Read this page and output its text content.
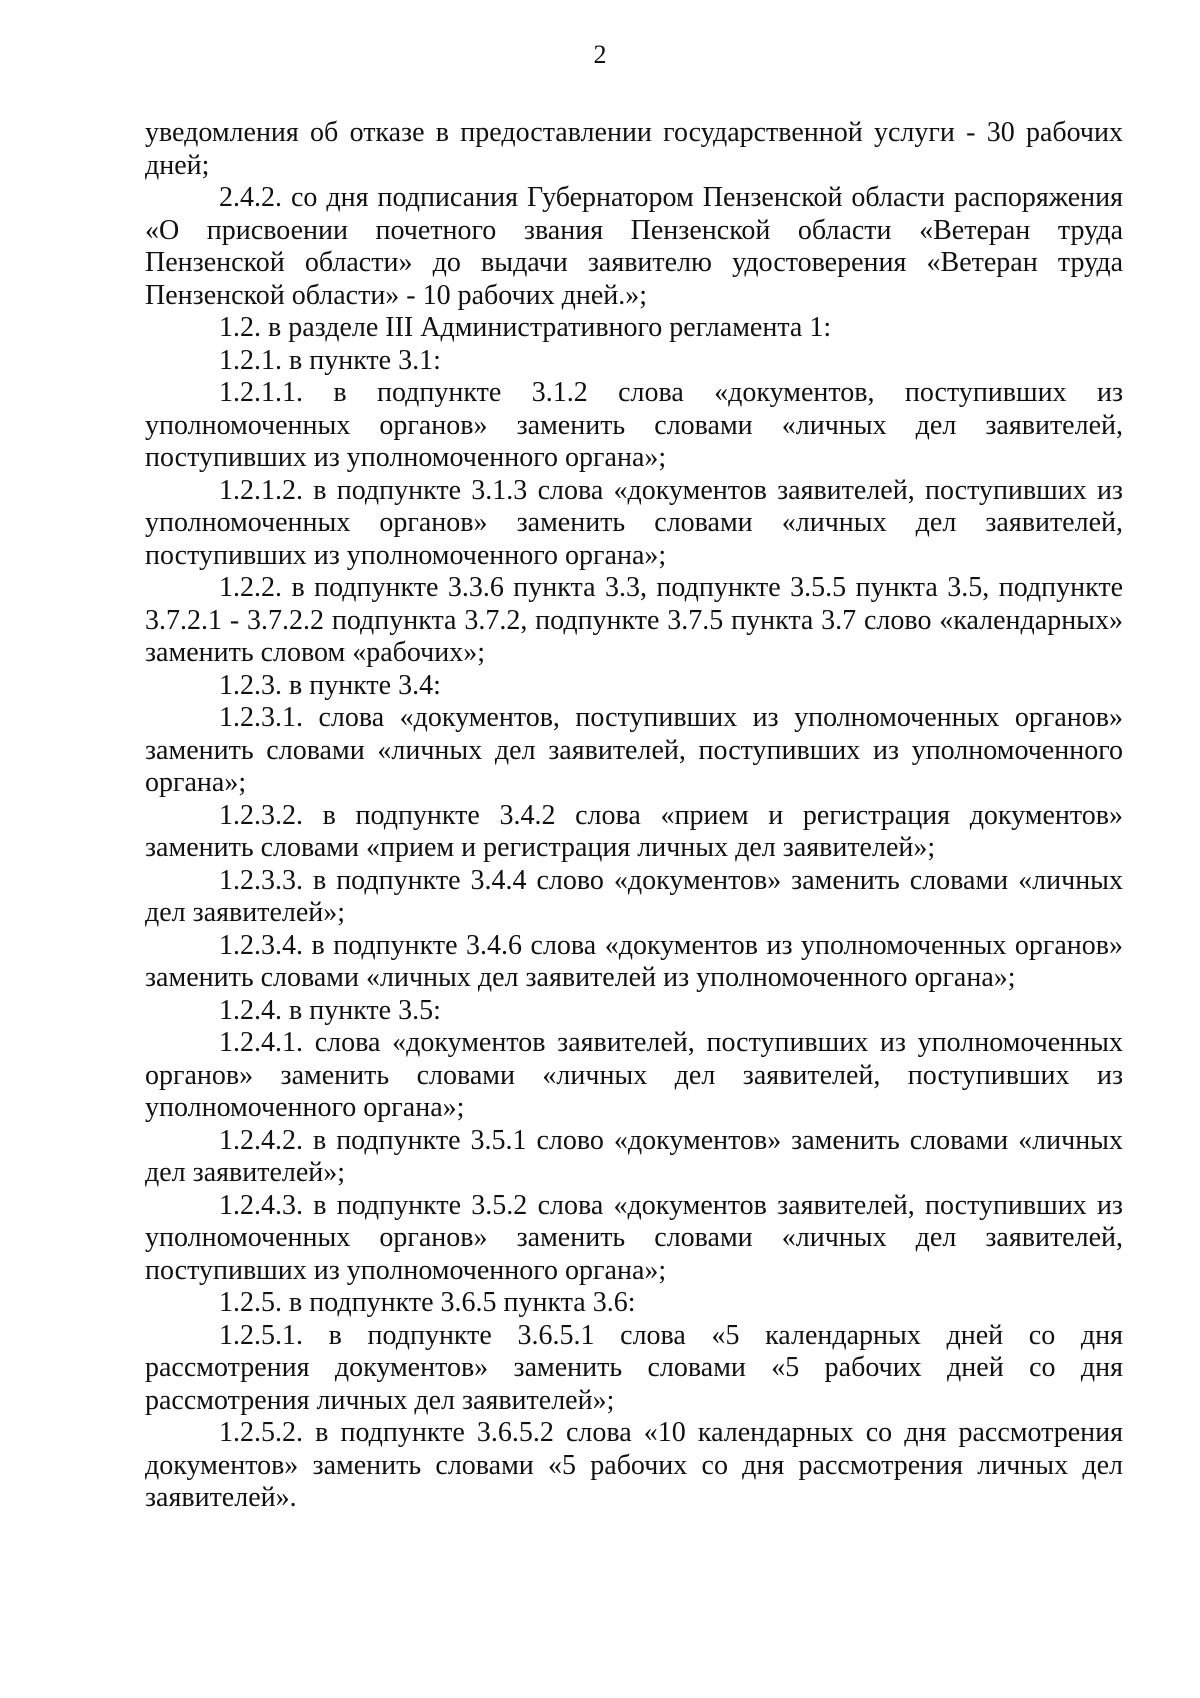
2

уведомления об отказе в предоставлении государственной услуги - 30 рабочих дней;

2.4.2. со дня подписания Губернатором Пензенской области распоряжения «О присвоении почетного звания Пензенской области «Ветеран труда Пензенской области» до выдачи заявителю удостоверения «Ветеран труда Пензенской области» - 10 рабочих дней.»;

1.2. в разделе III Административного регламента 1:

1.2.1. в пункте 3.1:

1.2.1.1. в подпункте 3.1.2 слова «документов, поступивших из уполномоченных органов» заменить словами «личных дел заявителей, поступивших из уполномоченного органа»;

1.2.1.2. в подпункте 3.1.3 слова «документов заявителей, поступивших из уполномоченных органов» заменить словами «личных дел заявителей, поступивших из уполномоченного органа»;

1.2.2. в подпункте 3.3.6 пункта 3.3, подпункте 3.5.5 пункта 3.5, подпункте 3.7.2.1 - 3.7.2.2 подпункта 3.7.2, подпункте 3.7.5 пункта 3.7 слово «календарных» заменить словом «рабочих»;

1.2.3. в пункте 3.4:

1.2.3.1. слова «документов, поступивших из уполномоченных органов» заменить словами «личных дел заявителей, поступивших из уполномоченного органа»;

1.2.3.2. в подпункте 3.4.2 слова «прием и регистрация документов» заменить словами «прием и регистрация личных дел заявителей»;

1.2.3.3. в подпункте 3.4.4 слово «документов» заменить словами «личных дел заявителей»;

1.2.3.4. в подпункте 3.4.6 слова «документов из уполномоченных органов» заменить словами «личных дел заявителей из уполномоченного органа»;

1.2.4. в пункте 3.5:

1.2.4.1. слова «документов заявителей, поступивших из уполномоченных органов» заменить словами «личных дел заявителей, поступивших из уполномоченного органа»;

1.2.4.2. в подпункте 3.5.1 слово «документов» заменить словами «личных дел заявителей»;

1.2.4.3. в подпункте 3.5.2 слова «документов заявителей, поступивших из уполномоченных органов» заменить словами «личных дел заявителей, поступивших из уполномоченного органа»;

1.2.5. в подпункте 3.6.5 пункта 3.6:

1.2.5.1. в подпункте 3.6.5.1 слова «5 календарных дней со дня рассмотрения документов» заменить словами «5 рабочих дней со дня рассмотрения личных дел заявителей»;

1.2.5.2. в подпункте 3.6.5.2 слова «10 календарных со дня рассмотрения документов» заменить словами «5 рабочих со дня рассмотрения личных дел заявителей».
